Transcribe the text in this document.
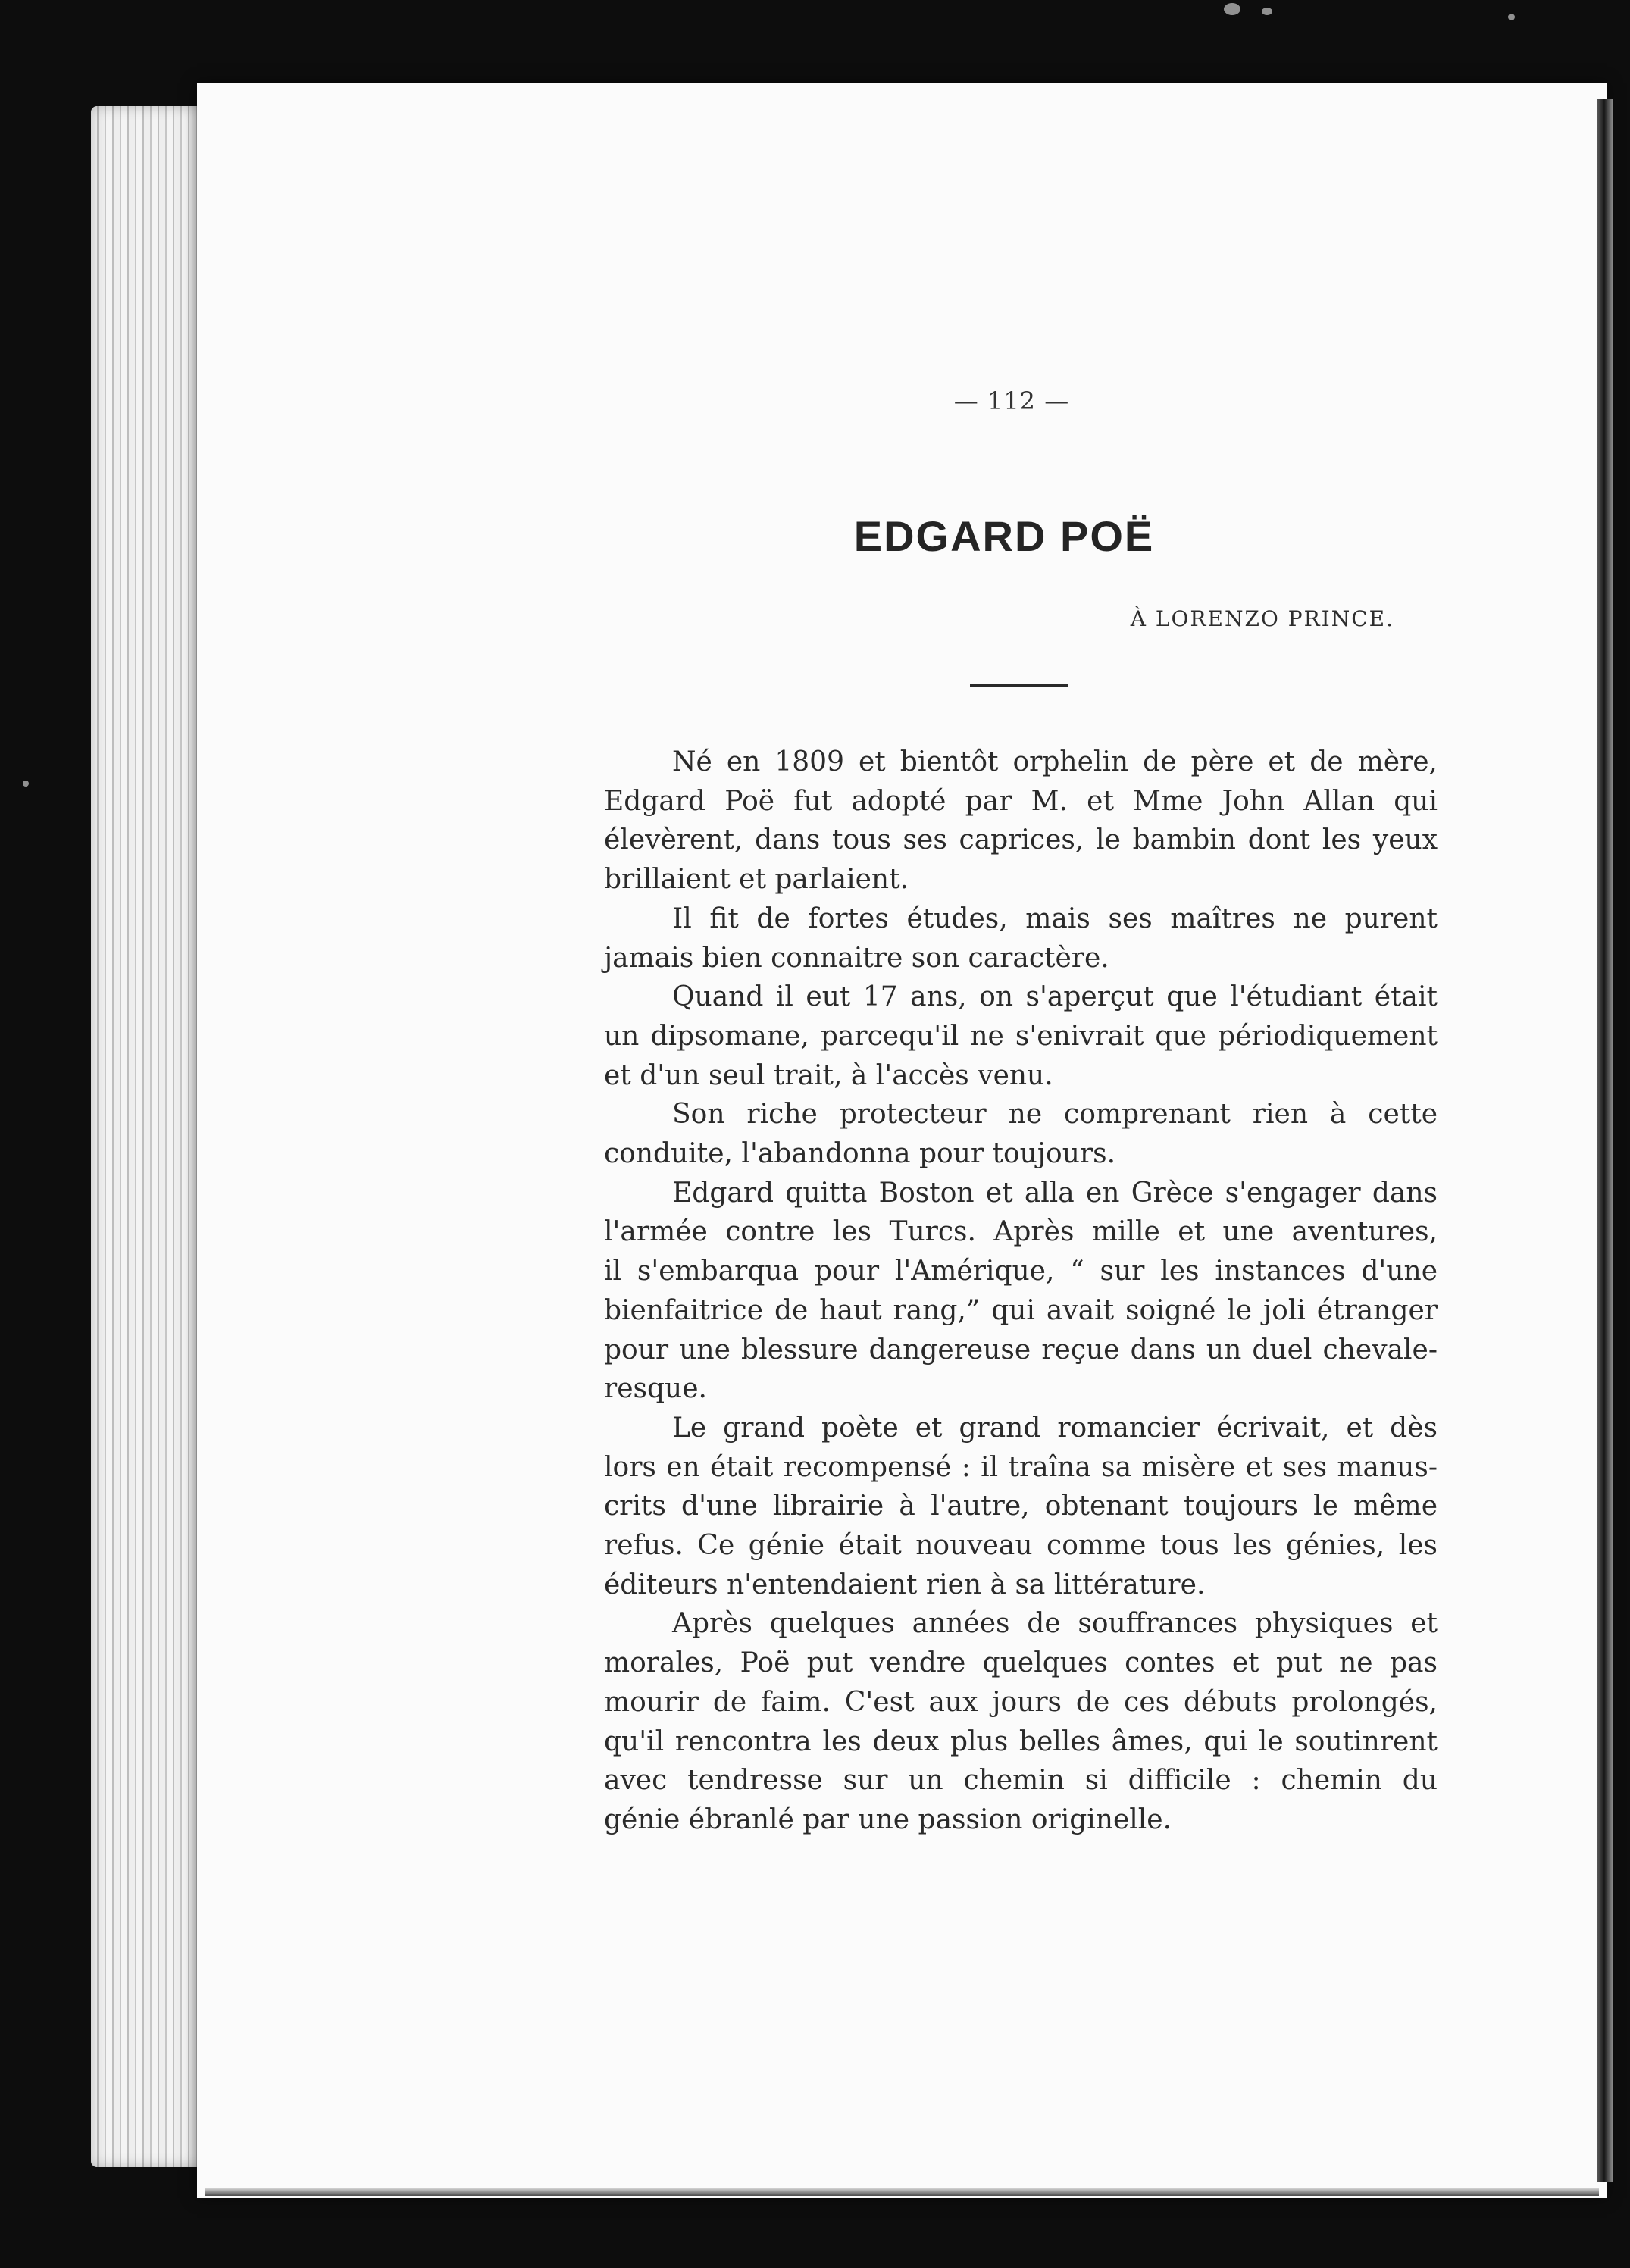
— 112 —
EDGARD POË
À LORENZO PRINCE.
Né en 1809 et bientôt orphelin de père et de mère,
Edgard Poë fut adopté par M. et Mme John Allan qui
élevèrent, dans tous ses caprices, le bambin dont les yeux
brillaient et parlaient.
Il fit de fortes études, mais ses maîtres ne purent
jamais bien connaitre son caractère.
Quand il eut 17 ans, on s'aperçut que l'étudiant était
un dipsomane, parcequ'il ne s'enivrait que périodiquement
et d'un seul trait, à l'accès venu.
Son riche protecteur ne comprenant rien à cette
conduite, l'abandonna pour toujours.
Edgard quitta Boston et alla en Grèce s'engager dans
l'armée contre les Turcs. Après mille et une aventures,
il s'embarqua pour l'Amérique, “ sur les instances d'une
bienfaitrice de haut rang,” qui avait soigné le joli étranger
pour une blessure dangereuse reçue dans un duel chevale-
resque.
Le grand poète et grand romancier écrivait, et dès
lors en était recompensé : il traîna sa misère et ses manus-
crits d'une librairie à l'autre, obtenant toujours le même
refus. Ce génie était nouveau comme tous les génies, les
éditeurs n'entendaient rien à sa littérature.
Après quelques années de souffrances physiques et
morales, Poë put vendre quelques contes et put ne pas
mourir de faim. C'est aux jours de ces débuts prolongés,
qu'il rencontra les deux plus belles âmes, qui le soutinrent
avec tendresse sur un chemin si difficile : chemin du
génie ébranlé par une passion originelle.
